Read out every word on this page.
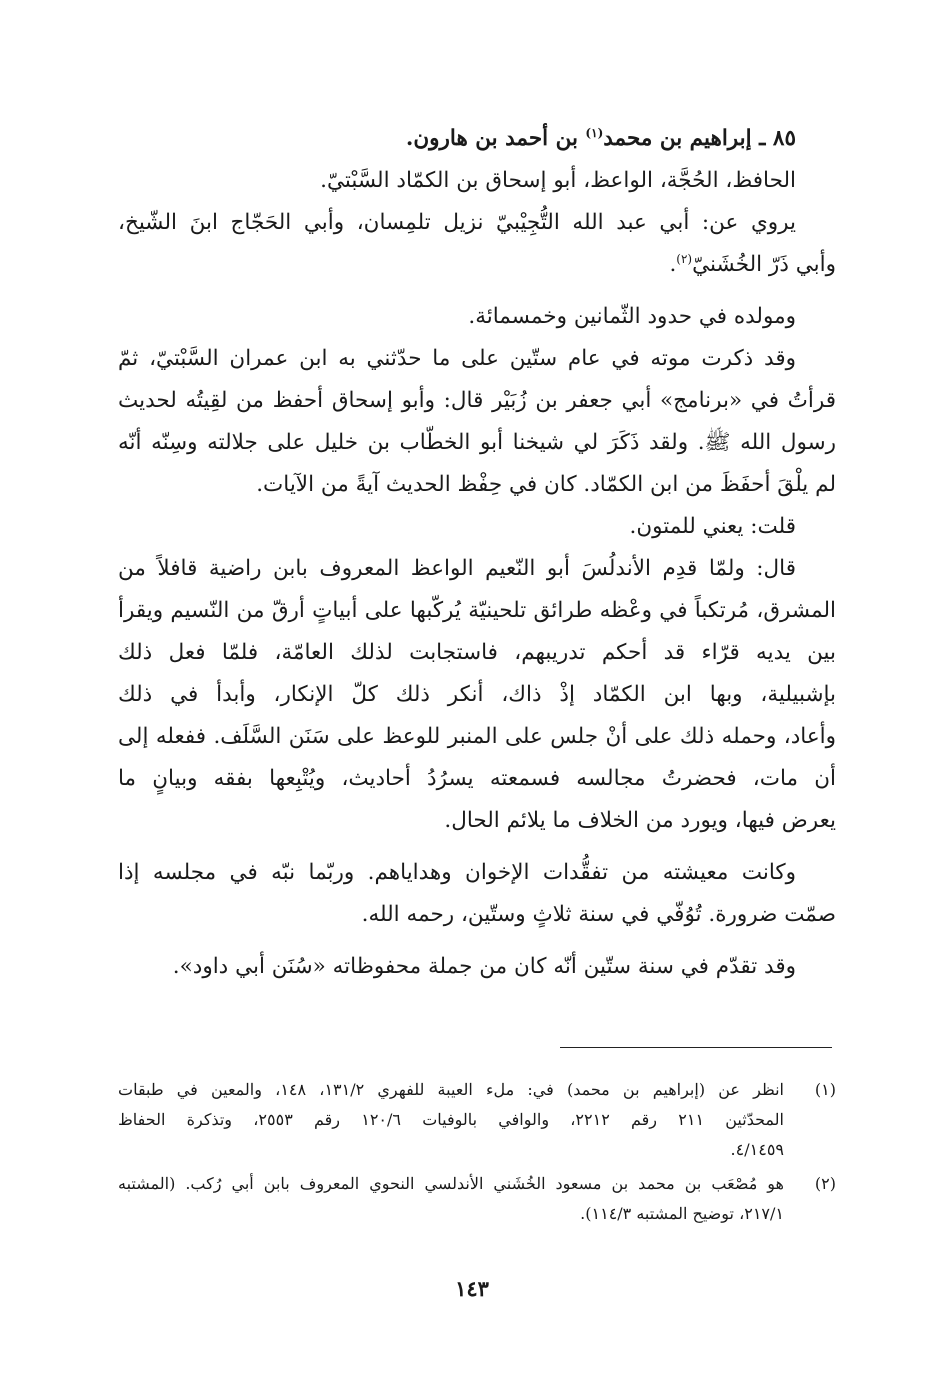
٨٥ ـ إبراهيم بن محمد$^{(١)}$ بن أحمد بن هارون.
الحافظ، الحُجَّة، الواعظ، أبو إسحاق بن الكمّاد السَّبْتيّ.
يروي عن: أبي عبد الله التُّجِيْبيّ نزيل تلمِسان، وأبي الحَجّاج ابنَ الشّيخ،
وأبي ذَرّ الخُشَنيّ$^{(٢)}$.
ومولده في حدود الثّمانين وخمسمائة.
وقد ذكرت موته في عام ستّين على ما حدّثني به ابن عمران السَّبْتيّ، ثمّ
قرأتُ في «برنامج» أبي جعفر بن زُبَيْر قال: وأبو إسحاق أحفظ من لقِيتُه لحديث
رسول الله ﷺ. ولقد ذَكَرَ لي شيخنا أبو الخطّاب بن خليل على جلالته وسِنّه أنّه
لم يلْقَ أحفَظَ من ابن الكمّاد. كان في حِفْظ الحديث آيةً من الآيات.
قلت: يعني للمتون.
قال: ولمّا قدِم الأندلُسَ أبو النّعيم الواعظ المعروف بابن راضية قافلاً من
المشرق، مُرتكباً في وعْظه طرائق تلحينيّة يُركّبها على أبياتٍ أرقّ من النّسيم ويقرأ
بين يديه قرّاء قد أحكم تدريبهم، فاستجابت لذلك العامّة، فلمّا فعل ذلك
بإشبيلية، وبها ابن الكمّاد إذْ ذاك، أنكر ذلك كلّ الإنكار، وأبدأ في ذلك
وأعاد، وحمله ذلك على أنْ جلس على المنبر للوعظ على سَنَن السَّلَف. ففعله إلى
أن مات، فحضرتُ مجالسه فسمعته يسرُدُ أحاديث، ويُتْبِعها بفقه وبيانٍ ما
يعرض فيها، ويورد من الخلاف ما يلائم الحال.
وكانت معيشته من تفقُّدات الإخوان وهداياهم. وربّما نبّه في مجلسه إذا
صمّت ضرورة. تُوُفّي في سنة ثلاثٍ وستّين، رحمه الله.
وقد تقدّم في سنة ستّين أنّه كان من جملة محفوظاته «سُنَن أبي داود».
(١)
انظر عن (إبراهيم بن محمد) في: ملء العيبة للفهري ١٣١/٢، ١٤٨، والمعين في طبقات
المحدّثين ٢١١ رقم ٢٢١٢، والوافي بالوفيات ١٢٠/٦ رقم ٢٥٥٣، وتذكرة الحفاظ
٤/١٤٥٩.
(٢)
هو مُصْعَب بن محمد بن مسعود الخُشَني الأندلسي النحوي المعروف بابن أبي رُكب. (المشتبه
٢١٧/١، توضيح المشتبه ١١٤/٣).
١٤٣
